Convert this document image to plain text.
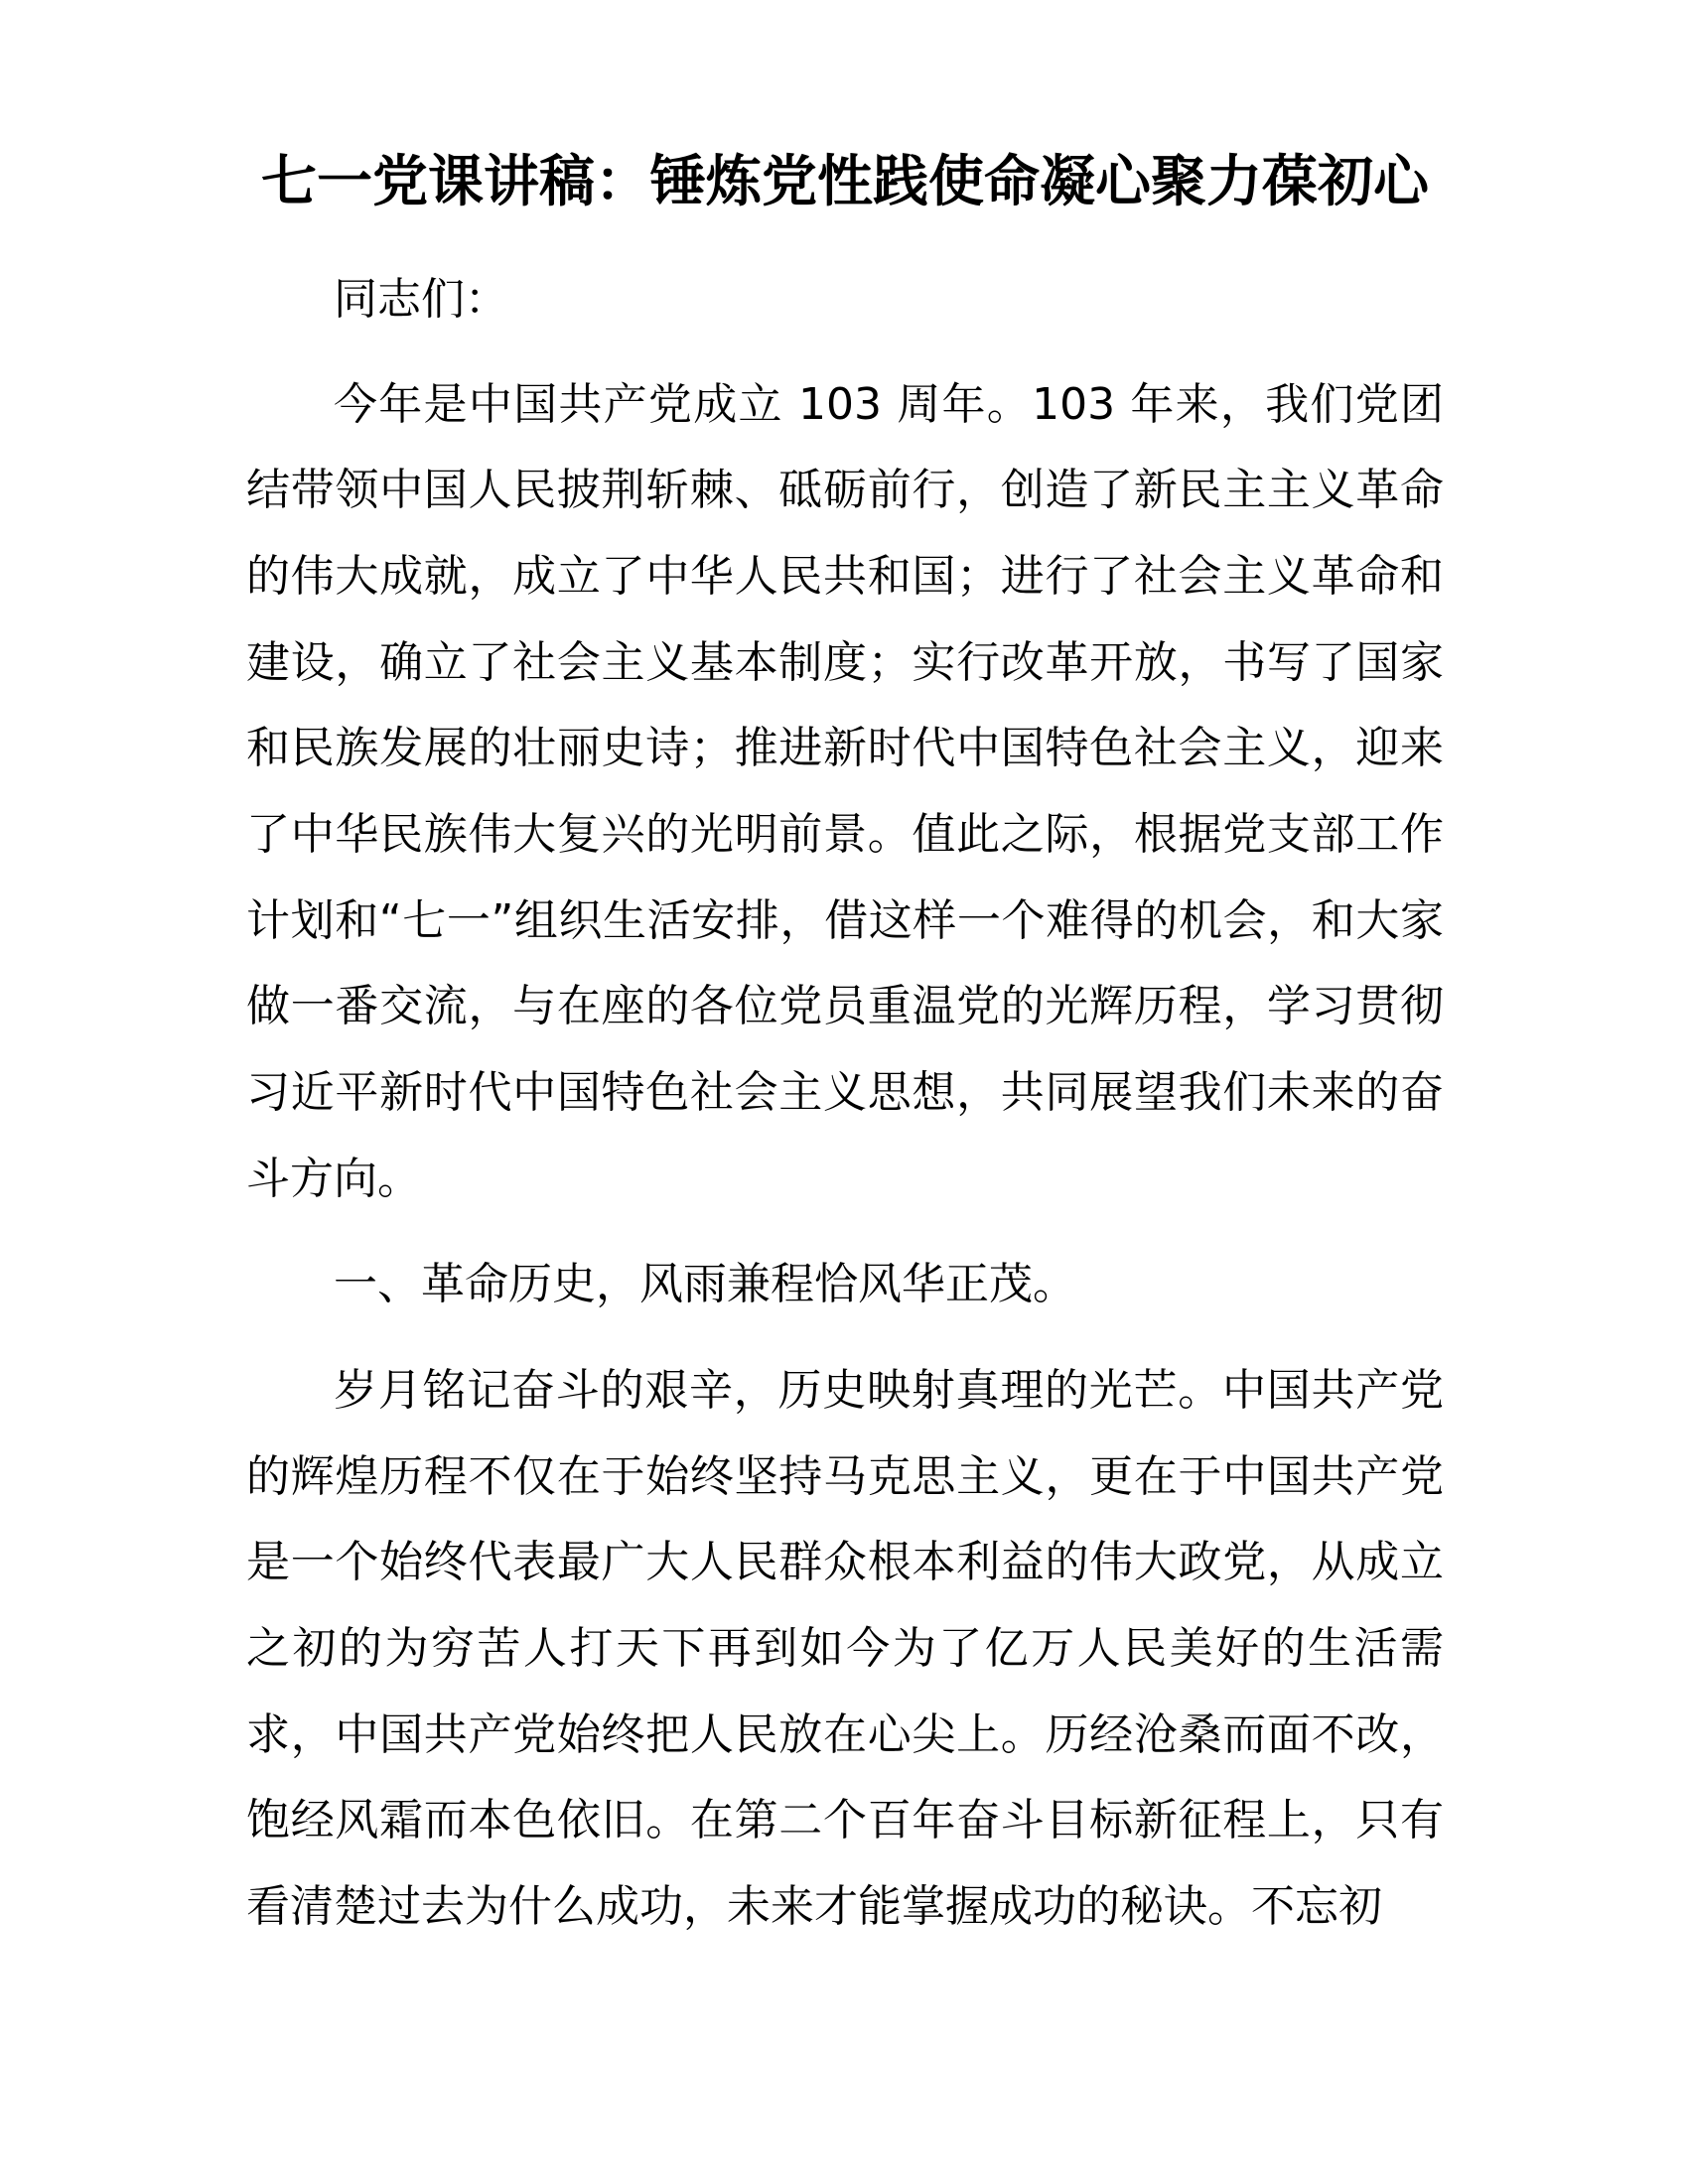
七一党课讲稿：锤炼党性践使命凝心聚力葆初心

同志们：

今年是中国共产党成立 103 周年。103 年来，我们党团结带领中国人民披荆斩棘、砥砺前行，创造了新民主主义革命的伟大成就，成立了中华人民共和国；进行了社会主义革命和建设，确立了社会主义基本制度；实行改革开放，书写了国家和民族发展的壮丽史诗；推进新时代中国特色社会主义，迎来了中华民族伟大复兴的光明前景。值此之际，根据党支部工作计划和“七一”组织生活安排，借这样一个难得的机会，和大家做一番交流，与在座的各位党员重温党的光辉历程，学习贯彻习近平新时代中国特色社会主义思想，共同展望我们未来的奋斗方向。

一、革命历史，风雨兼程恰风华正茂。

岁月铭记奋斗的艰辛，历史映射真理的光芒。中国共产党的辉煌历程不仅在于始终坚持马克思主义，更在于中国共产党是一个始终代表最广大人民群众根本利益的伟大政党，从成立之初的为穷苦人打天下再到如今为了亿万人民美好的生活需求，中国共产党始终把人民放在心尖上。历经沧桑而面不改，饱经风霜而本色依旧。在第二个百年奋斗目标新征程上，只有看清楚过去为什么成功，未来才能掌握成功的秘诀。不忘初
